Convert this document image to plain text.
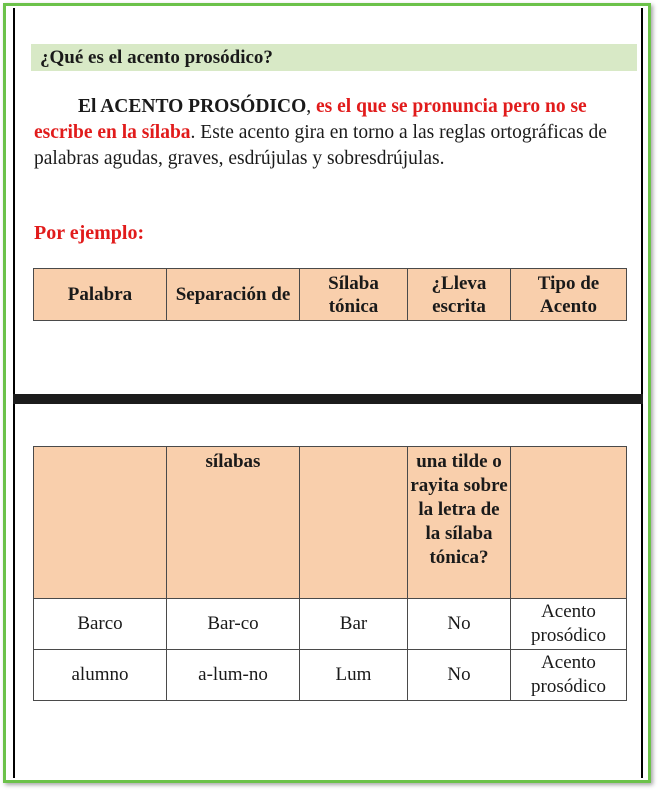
¿Qué es el acento prosódico?
El ACENTO PROSÓDICO, es el que se pronuncia pero no se escribe en la sílaba. Este acento gira en torno a las reglas ortográficas de palabras agudas, graves, esdrújulas y sobresdrújulas.
Por ejemplo:
Palabra	Separación de	Sílaba tónica	¿Lleva escrita	Tipo de Acento
	sílabas		una tilde o rayita sobre la letra de la sílaba tónica?	
Barco	Bar-co	Bar	No	Acento prosódico
alumno	a-lum-no	Lum	No	Acento prosódico
